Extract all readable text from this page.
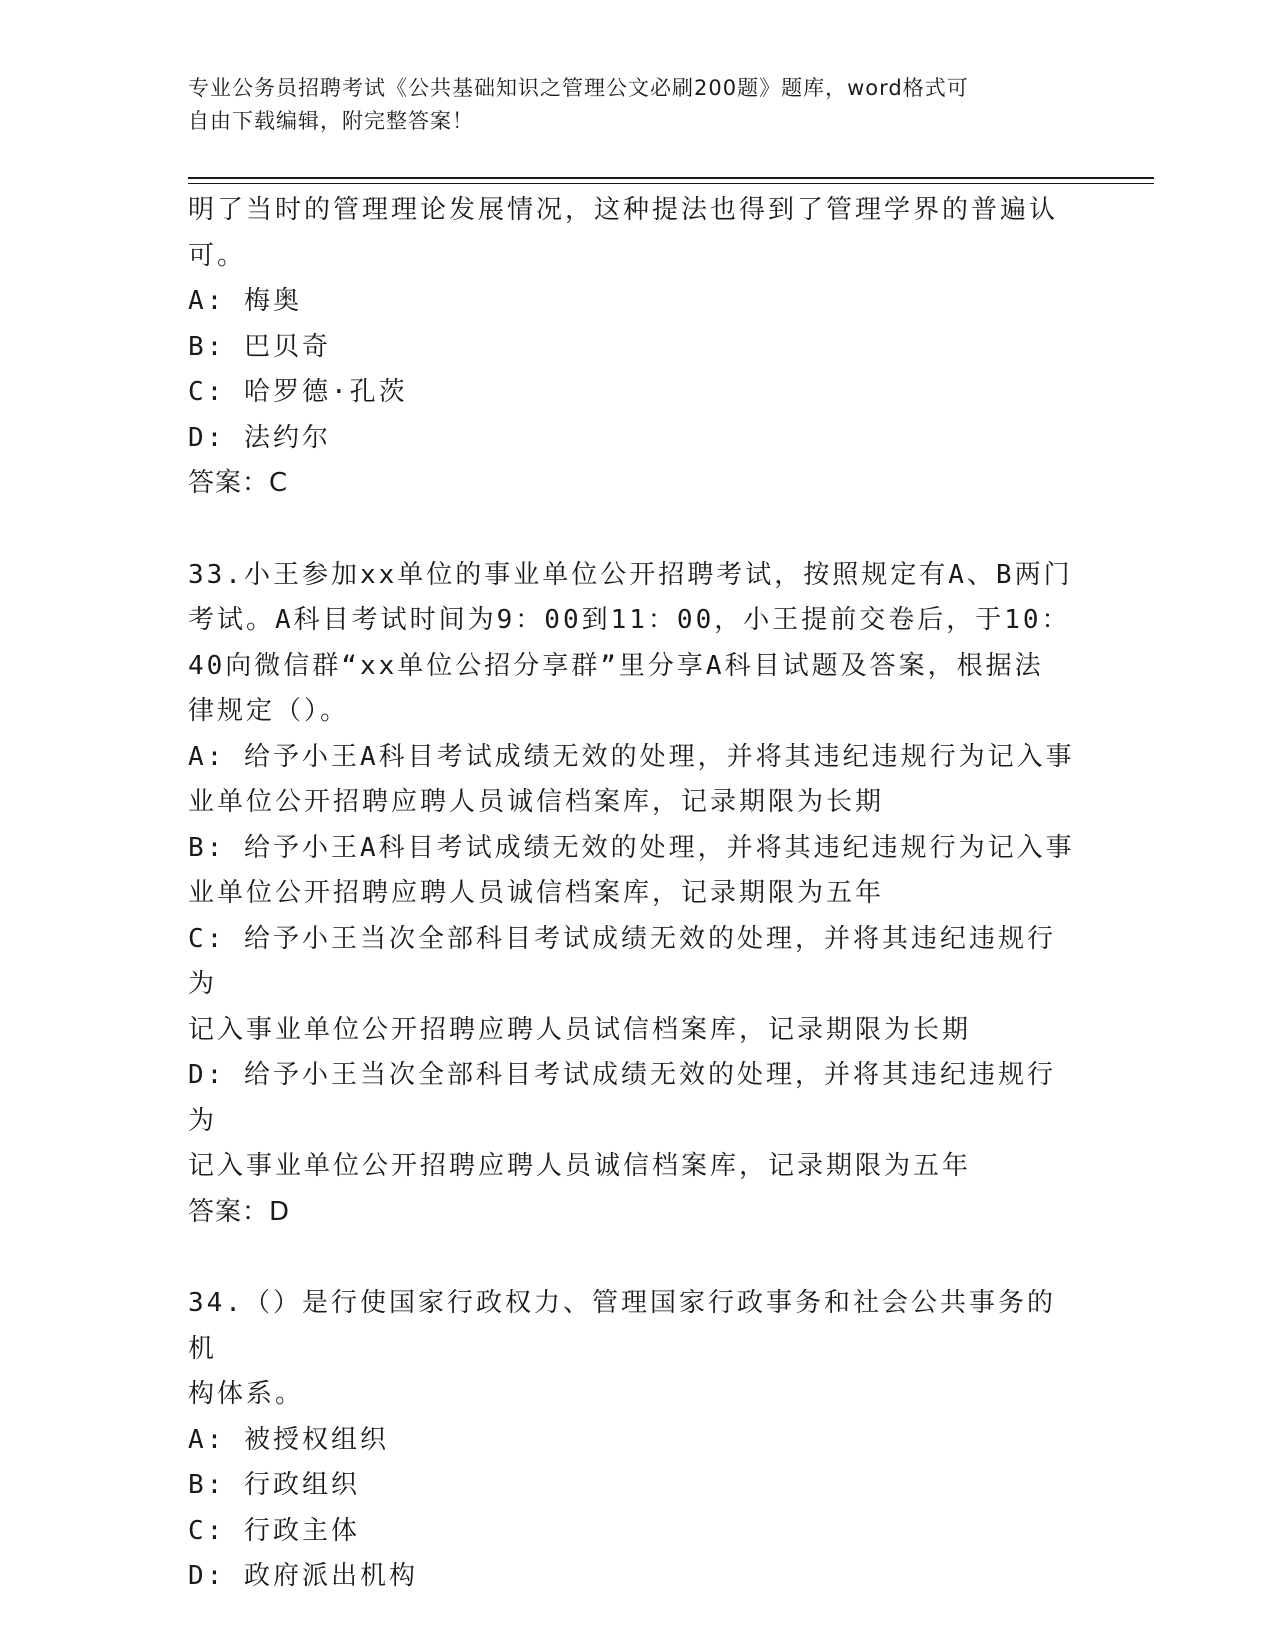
专业公务员招聘考试《公共基础知识之管理公文必刷200题》题库，word格式可
自由下载编辑，附完整答案！
明了当时的管理理论发展情况，这种提法也得到了管理学界的普遍认
可。
A: 梅奥
B: 巴贝奇
C: 哈罗德·孔茨
D: 法约尔
答案：C
33.小王参加xx单位的事业单位公开招聘考试，按照规定有A、B两门
考试。A科目考试时间为9：00到11：00，小王提前交卷后，于10：
40向微信群“xx单位公招分享群”里分享A科目试题及答案，根据法
律规定（）。
A: 给予小王A科目考试成绩无效的处理，并将其违纪违规行为记入事
业单位公开招聘应聘人员诚信档案库，记录期限为长期
B: 给予小王A科目考试成绩无效的处理，并将其违纪违规行为记入事
业单位公开招聘应聘人员诚信档案库，记录期限为五年
C: 给予小王当次全部科目考试成绩无效的处理，并将其违纪违规行为
记入事业单位公开招聘应聘人员试信档案库，记录期限为长期
D: 给予小王当次全部科目考试成绩无效的处理，并将其违纪违规行为
记入事业单位公开招聘应聘人员诚信档案库，记录期限为五年
答案：D
34.（）是行使国家行政权力、管理国家行政事务和社会公共事务的机
构体系。
A: 被授权组织
B: 行政组织
C: 行政主体
D: 政府派出机构
